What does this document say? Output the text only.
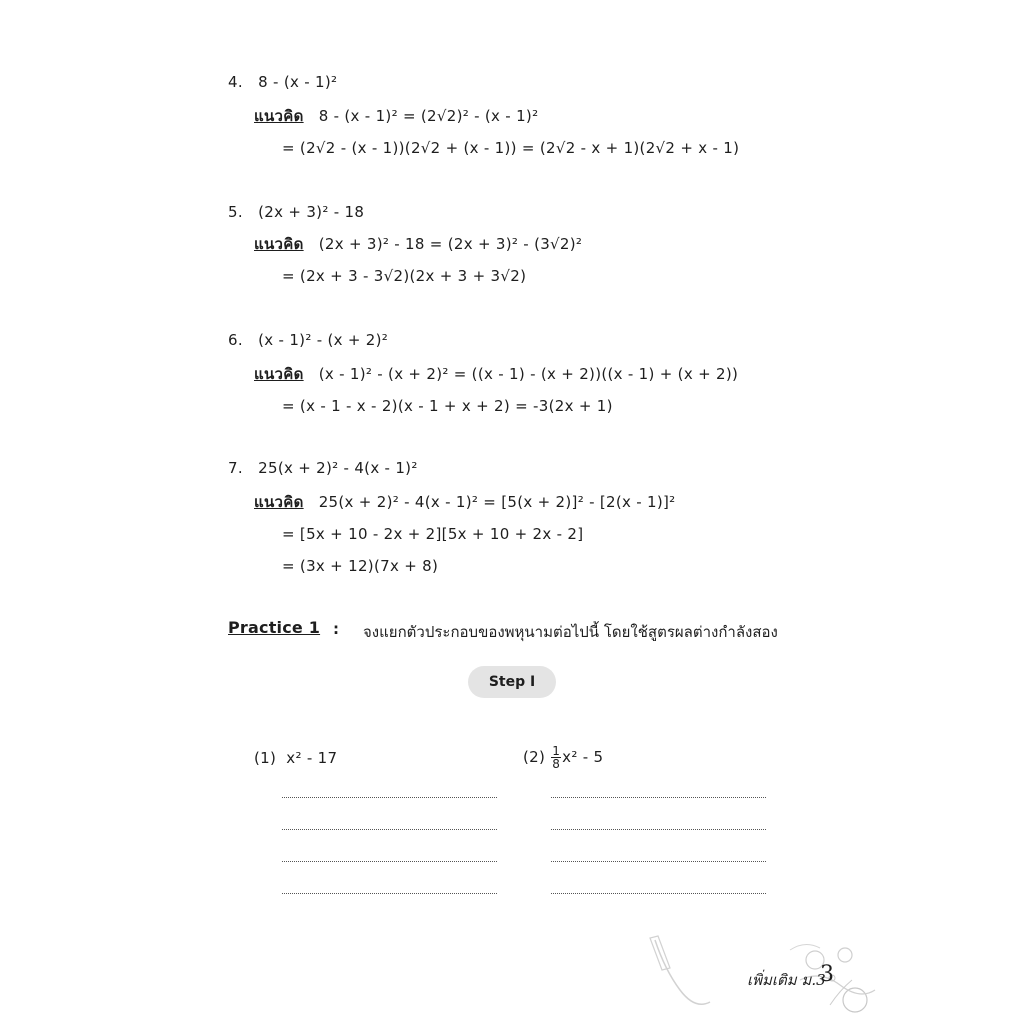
4. 8 - (x - 1)²
แนวคิด 8 - (x - 1)² = (2√2)² - (x - 1)²
= (2√2 - (x - 1))(2√2 + (x - 1)) = (2√2 - x + 1)(2√2 + x - 1)
5. (2x + 3)² - 18
แนวคิด (2x + 3)² - 18 = (2x + 3)² - (3√2)²
= (2x + 3 - 3√2)(2x + 3 + 3√2)
6. (x - 1)² - (x + 2)²
แนวคิด (x - 1)² - (x + 2)² = ((x - 1) - (x + 2))((x - 1) + (x + 2))
= (x - 1 - x - 2)(x - 1 + x + 2) = -3(2x + 1)
7. 25(x + 2)² - 4(x - 1)²
แนวคิด 25(x + 2)² - 4(x - 1)² = [5(x + 2)]² - [2(x - 1)]²
= [5x + 10 - 2x + 2][5x + 10 + 2x - 2]
= (3x + 12)(7x + 8)
Practice 1 : จงแยกตัวประกอบของพหุนามต่อไปนี้ โดยใช้สูตรผลต่างกำลังสอง
Step I
(1) x² - 17	$(2) \frac{1}{8} x^2 - 5$
เพิ่มเติม ม.3
3
